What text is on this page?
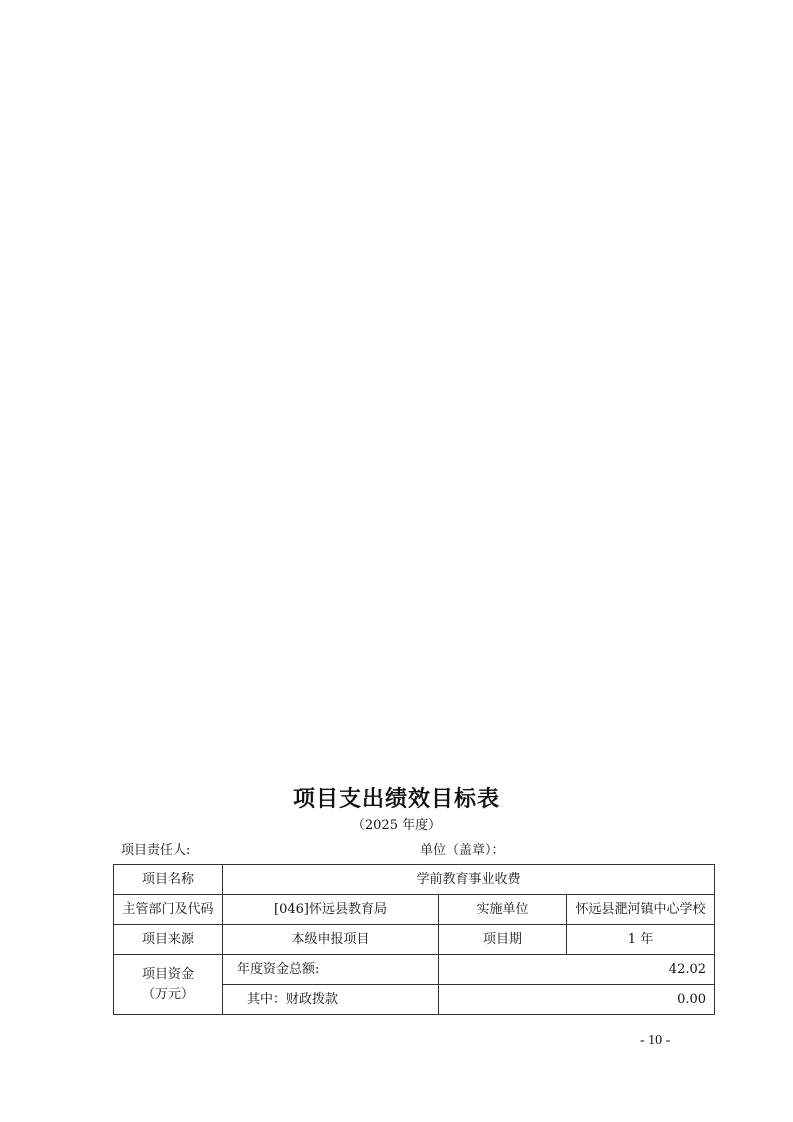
项目支出绩效目标表
（2025 年度）
项目责任人:	单位（盖章）：
项目名称	学前教育事业收费		
主管部门及代码	[046]怀远县教育局	实施单位	怀远县淝河镇中心学校
项目来源	本级申报项目	项目期	1 年

项目资金
（万元）	年度资金总额:	42.02	
	其中：财政拨款	0.00	
- 10 -
